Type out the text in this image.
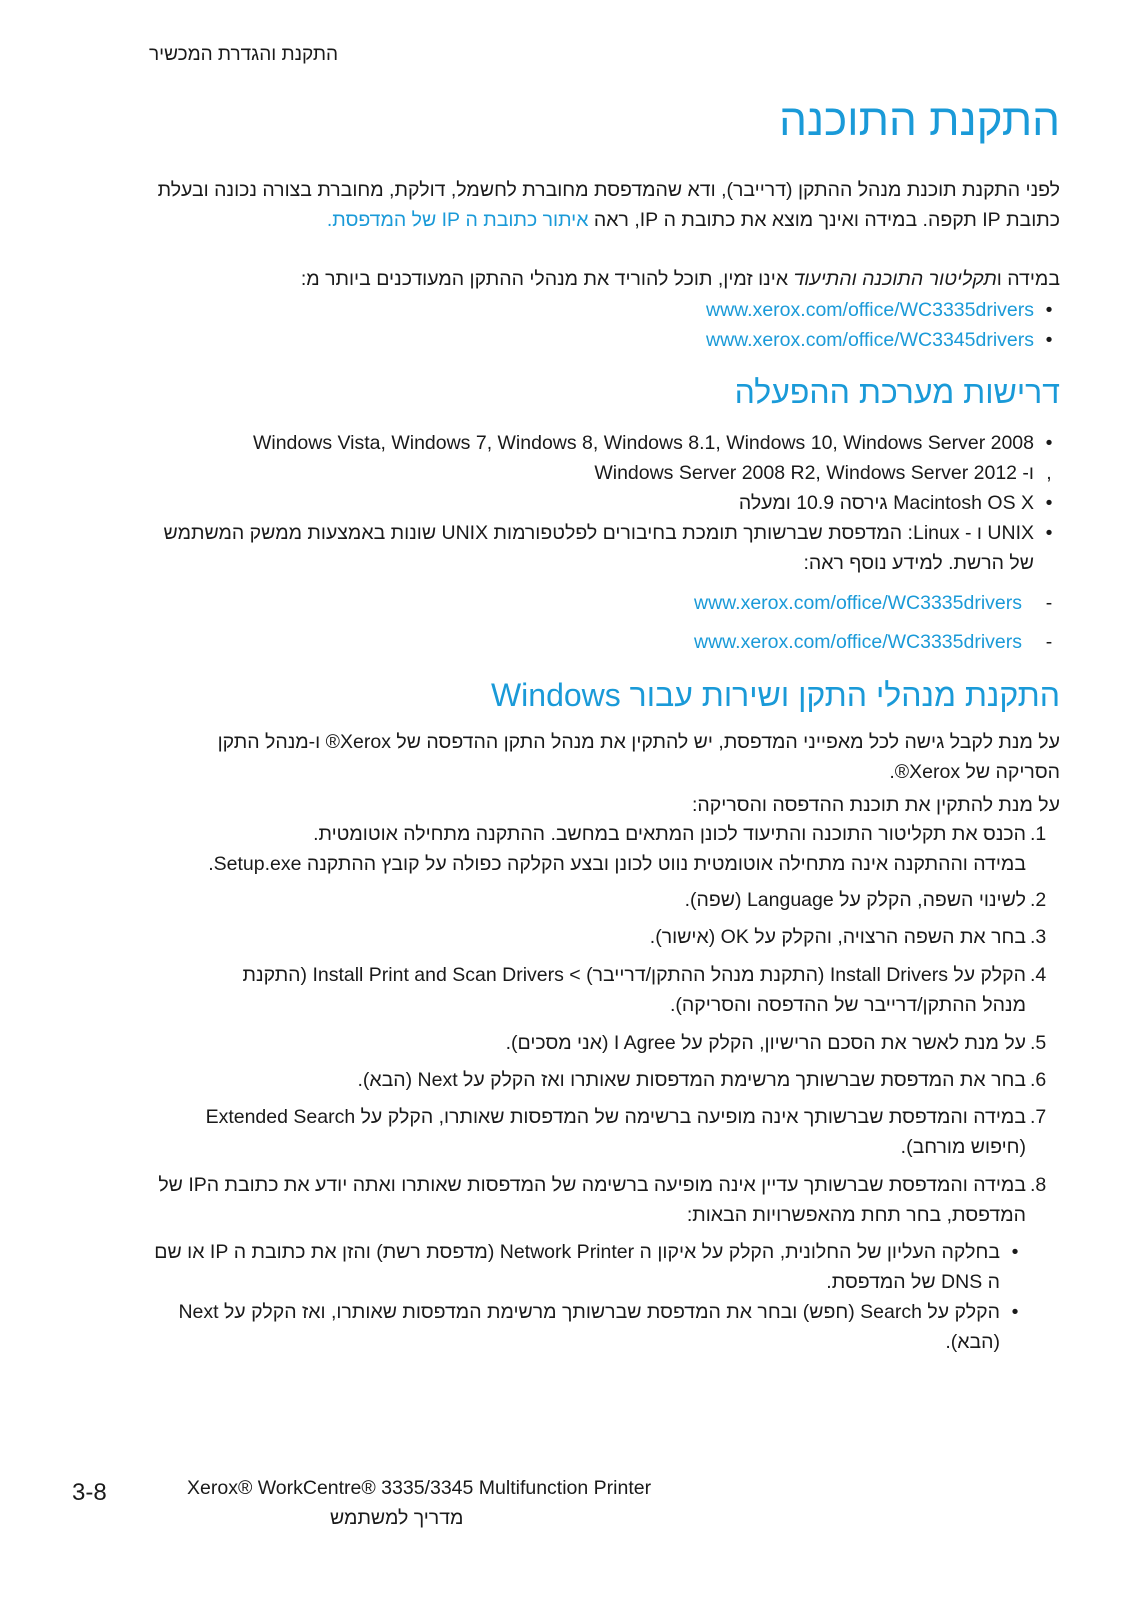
התקנת והגדרת המכשיר
התקנת התוכנה
לפני התקנת תוכנת מנהל ההתקן (דרייבר), ודא שהמדפסת מחוברת לחשמל, דולקת, מחוברת בצורה נכונה ובעלת
כתובת IP תקפה. במידה ואינך מוצא את כתובת ה IP, ראה איתור כתובת ה IP של המדפסת.
במידה ותקליטור התוכנה והתיעוד אינו זמין, תוכל להוריד את מנהלי ההתקן המעודכנים ביותר מ:
•
www.xerox.com/office/WC3335drivers
•
www.xerox.com/office/WC3345drivers
דרישות מערכת ההפעלה
•
Windows Vista, Windows 7, Windows 8, Windows 8.1, Windows 10, Windows Server 2008
,
ו- Windows Server 2008 R2, Windows Server 2012
•
Macintosh OS X גירסה 10.9 ומעלה
•
UNIX ו - Linux: המדפסת שברשותך תומכת בחיבורים לפלטפורמות UNIX שונות באמצעות ממשק המשתמש
של הרשת. למידע נוסף ראה:
-
www.xerox.com/office/WC3335drivers
-
www.xerox.com/office/WC3335drivers
התקנת מנהלי התקן ושירות עבור Windows
על מנת לקבל גישה לכל מאפייני המדפסת, יש להתקין את מנהל התקן ההדפסה של Xerox® ו-מנהל התקן
הסריקה של Xerox®.
על מנת להתקין את תוכנת ההדפסה והסריקה:
.1
הכנס את תקליטור התוכנה והתיעוד לכונן המתאים במחשב. ההתקנה מתחילה אוטומטית.
במידה וההתקנה אינה מתחילה אוטומטית נווט לכונן ובצע הקלקה כפולה על קובץ ההתקנה Setup.exe.
.2
לשינוי השפה, הקלק על Language (שפה).
.3
בחר את השפה הרצויה, והקלק על OK (אישור).
.4
הקלק על Install Drivers (התקנת מנהל ההתקן/דרייבר) > Install Print and Scan Drivers (התקנת
מנהל ההתקן/דרייבר של ההדפסה והסריקה).
.5
על מנת לאשר את הסכם הרישיון, הקלק על I Agree (אני מסכים).
.6
בחר את המדפסת שברשותך מרשימת המדפסות שאותרו ואז הקלק על Next (הבא).
.7
במידה והמדפסת שברשותך אינה מופיעה ברשימה של המדפסות שאותרו, הקלק על Extended Search
(חיפוש מורחב).
.8
במידה והמדפסת שברשותך עדיין אינה מופיעה ברשימה של המדפסות שאותרו ואתה יודע את כתובת הIP של
המדפסת, בחר תחת מהאפשרויות הבאות:
•
בחלקה העליון של החלונית, הקלק על איקון ה Network Printer (מדפסת רשת) והזן את כתובת ה IP או שם
ה DNS של המדפסת.
•
הקלק על Search (חפש) ובחר את המדפסת שברשותך מרשימת המדפסות שאותרו, ואז הקלק על Next
(הבא).
3-8	Xerox® WorkCentre® 3335/3345 Multifunction Printer
מדריך למשתמש
